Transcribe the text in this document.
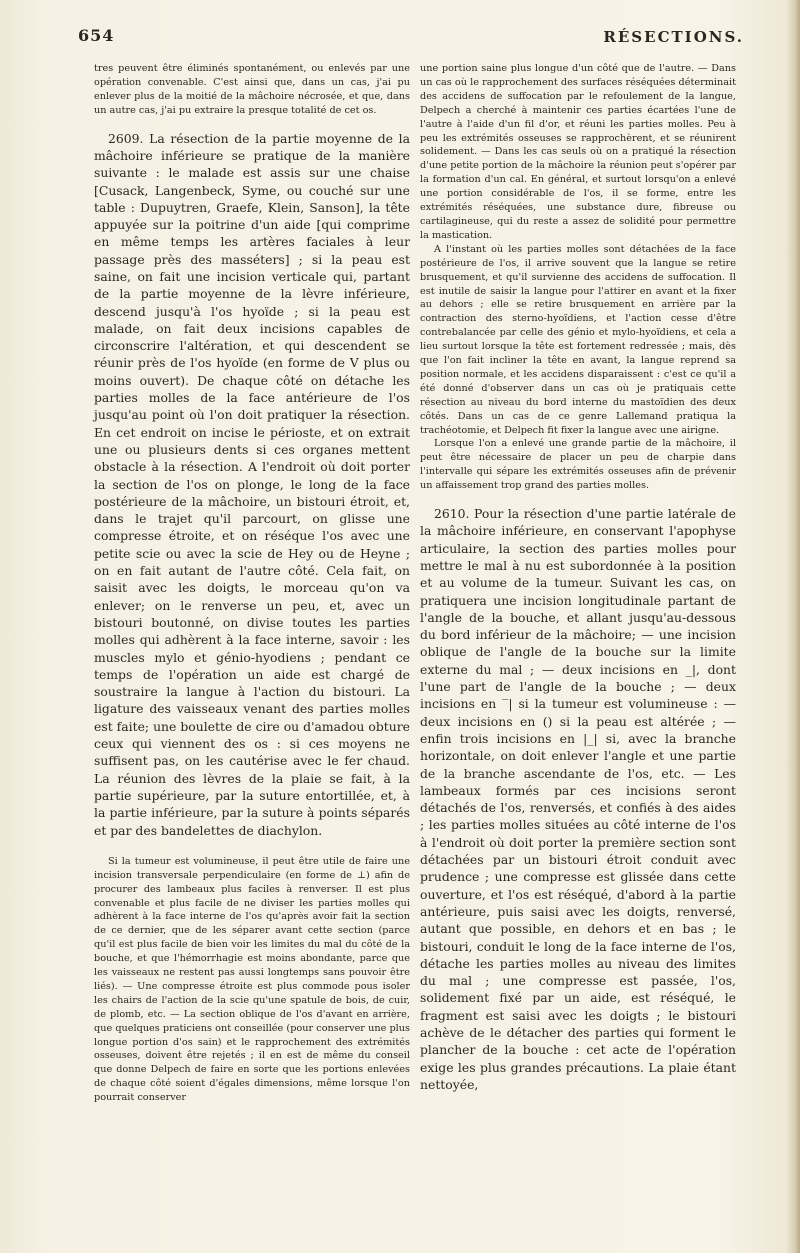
654	RÉSECTIONS.

tres peuvent être éliminés spontanément, ou enlevés par une opération convenable. C'est ainsi que, dans un cas, j'ai pu enlever plus de la moitié de la mâchoire nécrosée, et que, dans un autre cas, j'ai pu extraire la presque totalité de cet os.

2609. La résection de la partie moyenne de la mâchoire inférieure se pratique de la manière suivante : le malade est assis sur une chaise [Cusack, Langenbeck, Syme, ou couché sur une table : Dupuytren, Graefe, Klein, Sanson], la tête appuyée sur la poitrine d'un aide [qui comprime en même temps les artères faciales à leur passage près des masséters] ; si la peau est saine, on fait une incision verticale qui, partant de la partie moyenne de la lèvre inférieure, descend jusqu'à l'os hyoïde ; si la peau est malade, on fait deux incisions capables de circonscrire l'altération, et qui descendent se réunir près de l'os hyoïde (en forme de V plus ou moins ouvert). De chaque côté on détache les parties molles de la face antérieure de l'os jusqu'au point où l'on doit pratiquer la résection. En cet endroit on incise le périoste, et on extrait une ou plusieurs dents si ces organes mettent obstacle à la résection. A l'endroit où doit porter la section de l'os on plonge, le long de la face postérieure de la mâchoire, un bistouri étroit, et, dans le trajet qu'il parcourt, on glisse une compresse étroite, et on réséque l'os avec une petite scie ou avec la scie de Hey ou de Heyne ; on en fait autant de l'autre côté. Cela fait, on saisit avec les doigts, le morceau qu'on va enlever; on le renverse un peu, et, avec un bistouri boutonné, on divise toutes les parties molles qui adhèrent à la face interne, savoir : les muscles mylo et génio-hyodiens ; pendant ce temps de l'opération un aide est chargé de soustraire la langue à l'action du bistouri. La ligature des vaisseaux venant des parties molles est faite; une boulette de cire ou d'amadou obture ceux qui viennent des os : si ces moyens ne suffisent pas, on les cautérise avec le fer chaud. La réunion des lèvres de la plaie se fait, à la partie supérieure, par la suture entortillée, et, à la partie inférieure, par la suture à points séparés et par des bandelettes de diachylon.

Si la tumeur est volumineuse, il peut être utile de faire une incision transversale perpendiculaire (en forme de ⊥) afin de procurer des lambeaux plus faciles à renverser. Il est plus convenable et plus facile de ne diviser les parties molles qui adhèrent à la face interne de l'os qu'après avoir fait la section de ce dernier, que de les séparer avant cette section (parce qu'il est plus facile de bien voir les limites du mal du côté de la bouche, et que l'hémorrhagie est moins abondante, parce que les vaisseaux ne restent pas aussi longtemps sans pouvoir être liés). — Une compresse étroite est plus commode pous isoler les chairs de l'action de la scie qu'une spatule de bois, de cuir, de plomb, etc. — La section oblique de l'os d'avant en arrière, que quelques praticiens ont conseillée (pour conserver une plus longue portion d'os sain) et le rapprochement des extrémités osseuses, doivent être rejetés ; il en est de même du conseil que donne Delpech de faire en sorte que les portions enlevées de chaque côté soient d'égales dimensions, même lorsque l'on pourrait conserver

une portion saine plus longue d'un côté que de l'autre. — Dans un cas où le rapprochement des surfaces réséquées déterminait des accidens de suffocation par le refoulement de la langue, Delpech a cherché à maintenir ces parties écartées l'une de l'autre à l'aide d'un fil d'or, et réuni les parties molles. Peu à peu les extrémités osseuses se rapprochèrent, et se réunirent solidement. — Dans les cas seuls où on a pratiqué la résection d'une petite portion de la mâchoire la réunion peut s'opérer par la formation d'un cal. En général, et surtout lorsqu'on a enlevé une portion considérable de l'os, il se forme, entre les extrémités réséquées, une substance dure, fibreuse ou cartilagineuse, qui du reste a assez de solidité pour permettre la mastication.

A l'instant où les parties molles sont détachées de la face postérieure de l'os, il arrive souvent que la langue se retire brusquement, et qu'il survienne des accidens de suffocation. Il est inutile de saisir la langue pour l'attirer en avant et la fixer au dehors ; elle se retire brusquement en arrière par la contraction des sterno-hyoïdiens, et l'action cesse d'être contrebalancée par celle des génio et mylo-hyoïdiens, et cela a lieu surtout lorsque la tête est fortement redressée ; mais, dès que l'on fait incliner la tête en avant, la langue reprend sa position normale, et les accidens disparaissent : c'est ce qu'il a été donné d'observer dans un cas où je pratiquais cette résection au niveau du bord interne du mastoïdien des deux côtés. Dans un cas de ce genre Lallemand pratiqua la trachéotomie, et Delpech fit fixer la langue avec une airigne.

Lorsque l'on a enlevé une grande partie de la mâchoire, il peut être nécessaire de placer un peu de charpie dans l'intervalle qui sépare les extrémités osseuses afin de prévenir un affaissement trop grand des parties molles.

2610. Pour la résection d'une partie latérale de la mâchoire inférieure, en conservant l'apophyse articulaire, la section des parties molles pour mettre le mal à nu est subordonnée à la position et au volume de la tumeur. Suivant les cas, on pratiquera une incision longitudinale partant de l'angle de la bouche, et allant jusqu'au-dessous du bord inférieur de la mâchoire; — une incision oblique de l'angle de la bouche sur la limite externe du mal ; — deux incisions en _|, dont l'une part de l'angle de la bouche ; — deux incisions en ‾| si la tumeur est volumineuse : — deux incisions en () si la peau est altérée ; — enfin trois incisions en |_| si, avec la branche horizontale, on doit enlever l'angle et une partie de la branche ascendante de l'os, etc. — Les lambeaux formés par ces incisions seront détachés de l'os, renversés, et confiés à des aides ; les parties molles situées au côté interne de l'os à l'endroit où doit porter la première section sont détachées par un bistouri étroit conduit avec prudence ; une compresse est glissée dans cette ouverture, et l'os est réséqué, d'abord à la partie antérieure, puis saisi avec les doigts, renversé, autant que possible, en dehors et en bas ; le bistouri, conduit le long de la face interne de l'os, détache les parties molles au niveau des limites du mal ; une compresse est passée, l'os, solidement fixé par un aide, est réséqué, le fragment est saisi avec les doigts ; le bistouri achève de le détacher des parties qui forment le plancher de la bouche : cet acte de l'opération exige les plus grandes précautions. La plaie étant nettoyée,
